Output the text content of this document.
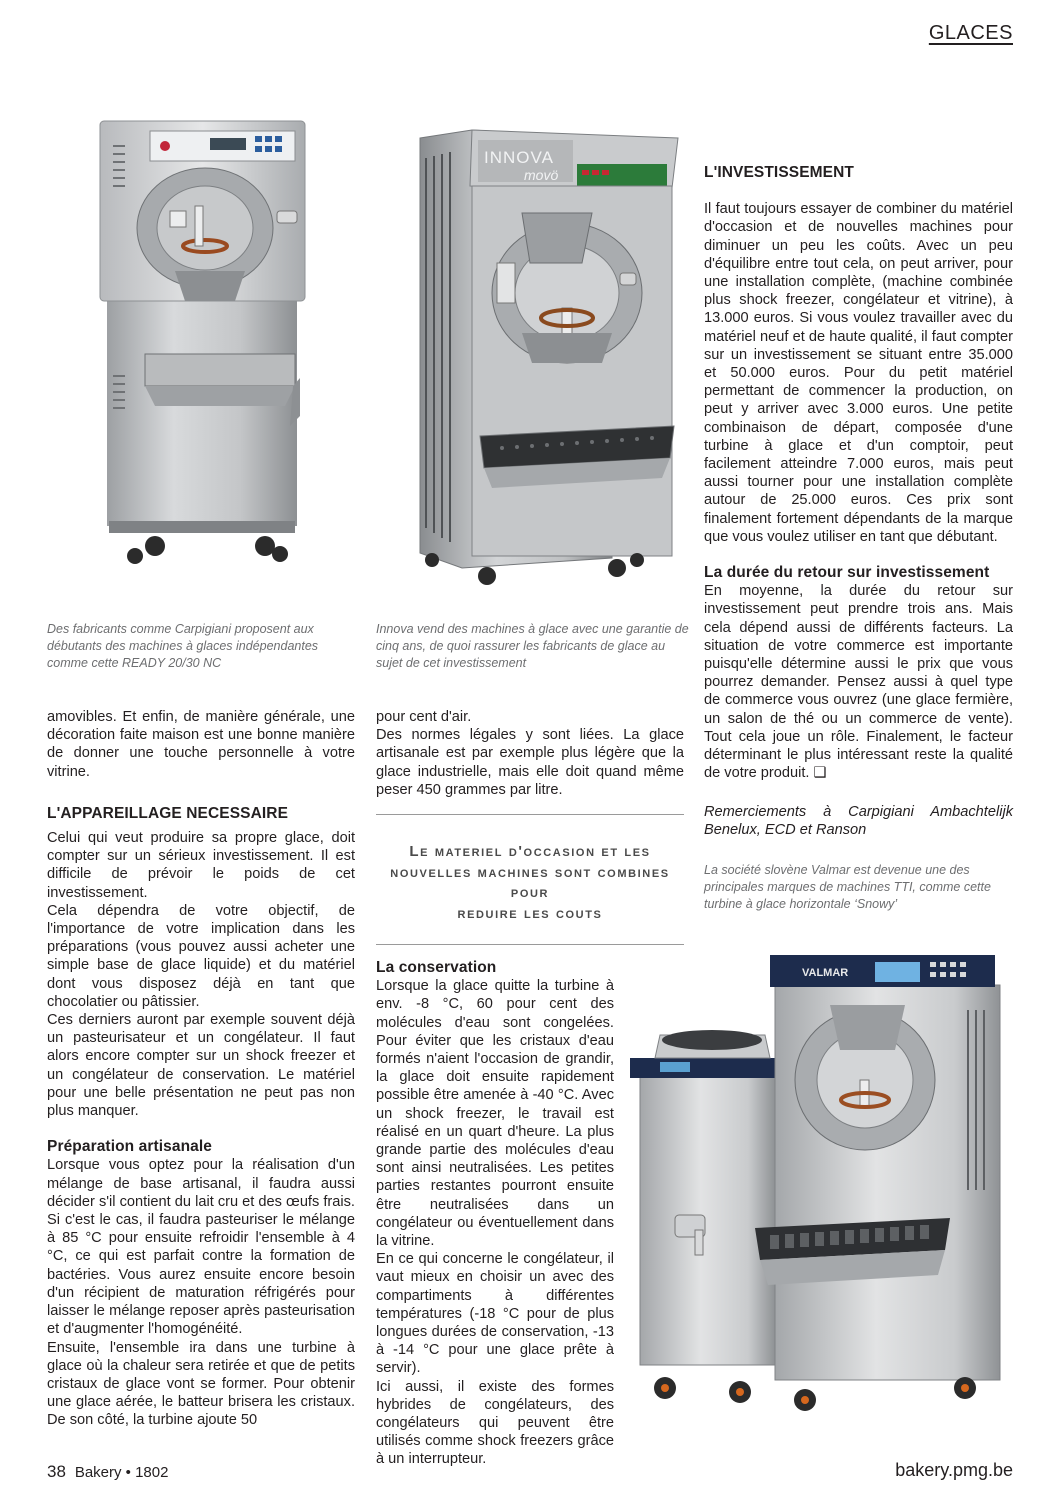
GLACES
Des fabricants comme Carpigiani proposent aux débutants des machines à glaces indépendantes comme cette READY 20/30 NC
INNOVA
movö
Innova vend des machines à glace avec une garantie de cinq ans, de quoi rassurer les fabricants de glace au sujet de cet investissement

amovibles. Et enfin, de manière générale, une décoration faite maison est une bonne manière de donner une touche personnelle à votre vitrine.

L'APPAREILLAGE NECESSAIRE

Celui qui veut produire sa propre glace, doit compter sur un sérieux investissement. Il est difficile de prévoir le poids de cet investissement.

Cela dépendra de votre objectif, de l'importance de votre implication dans les préparations (vous pouvez aussi acheter une simple base de glace liquide) et du matériel dont vous disposez déjà en tant que chocolatier ou pâtissier.

Ces derniers auront par exemple souvent déjà un pasteurisateur et un congélateur. Il faut alors encore compter sur un shock freezer et un congélateur de conservation. Le matériel pour une belle présentation ne peut pas non plus manquer.

Préparation artisanale

Lorsque vous optez pour la réalisation d'un mélange de base artisanal, il faudra aussi décider s'il contient du lait cru et des œufs frais. Si c'est le cas, il faudra pasteuriser le mélange à 85 °C pour ensuite refroidir l'ensemble à 4 °C, ce qui est parfait contre la formation de bactéries. Vous aurez ensuite encore besoin d'un récipient de maturation réfrigérés pour laisser le mélange reposer après pasteurisation et d'augmenter l'homogénéité.

Ensuite, l'ensemble ira dans une turbine à glace où la chaleur sera retirée et que de petits cristaux de glace vont se former. Pour obtenir une glace aérée, le batteur brisera les cristaux. De son côté, la turbine ajoute 50

pour cent d'air.

Des normes légales y sont liées. La glace artisanale est par exemple plus légère que la glace industrielle, mais elle doit quand même peser 450 grammes par litre.

Le materiel d'occasion et les
nouvelles machines sont combines
pour
reduire les couts
La conservation

Lorsque la glace quitte la turbine à env. -8 °C, 60 pour cent des molécules d'eau sont congelées. Pour éviter que les cristaux d'eau formés n'aient l'occasion de grandir, la glace doit ensuite rapidement possible être amenée à -40 °C. Avec un shock freezer, le travail est réalisé en un quart d'heure. La plus grande partie des molécules d'eau sont ainsi neutralisées. Les petites parties restantes pourront ensuite être neutralisées dans un congélateur ou éventuellement dans la vitrine.

En ce qui concerne le congélateur, il vaut mieux en choisir un avec des compartiments à différentes températures (-18 °C pour de plus longues durées de conservation, -13 à -14 °C pour une glace prête à servir).

Ici aussi, il existe des formes hybrides de congélateurs, des congélateurs qui peuvent être utilisés comme shock freezers grâce à un interrupteur.

L'INVESTISSEMENT

Il faut toujours essayer de combiner du matériel d'occasion et de nouvelles machines pour diminuer un peu les coûts. Avec un peu d'équilibre entre tout cela, on peut arriver, pour une installation complète, (machine combinée plus shock freezer, congélateur et vitrine), à 13.000 euros. Si vous voulez travailler avec du matériel neuf et de haute qualité, il faut compter sur un investissement se situant entre 35.000 et 50.000 euros. Pour du petit matériel permettant de commencer la production, on peut y arriver avec 3.000 euros. Une petite combinaison de départ, composée d'une turbine à glace et d'un comptoir, peut facilement atteindre 7.000 euros, mais peut aussi tourner pour une installation complète autour de 25.000 euros. Ces prix sont finalement fortement dépendants de la marque que vous voulez utiliser en tant que débutant.

La durée du retour sur investissement

En moyenne, la durée du retour sur investissement peut prendre trois ans. Mais cela dépend aussi de différents facteurs. La situation de votre commerce est importante puisqu'elle détermine aussi le prix que vous pourrez demander. Pensez aussi à quel type de commerce vous ouvrez (une glace fermière, un salon de thé ou un commerce de vente). Tout cela joue un rôle. Finalement, le facteur déterminant le plus intéressant reste la qualité de votre produit. ❑

Remerciements à Carpigiani Ambachtelijk Benelux, ECD et Ranson

La société slovène Valmar est devenue une des principales marques de machines TTI, comme cette turbine à glace horizontale ‘Snowy’
VALMAR
38 Bakery • 1802	bakery.pmg.be
